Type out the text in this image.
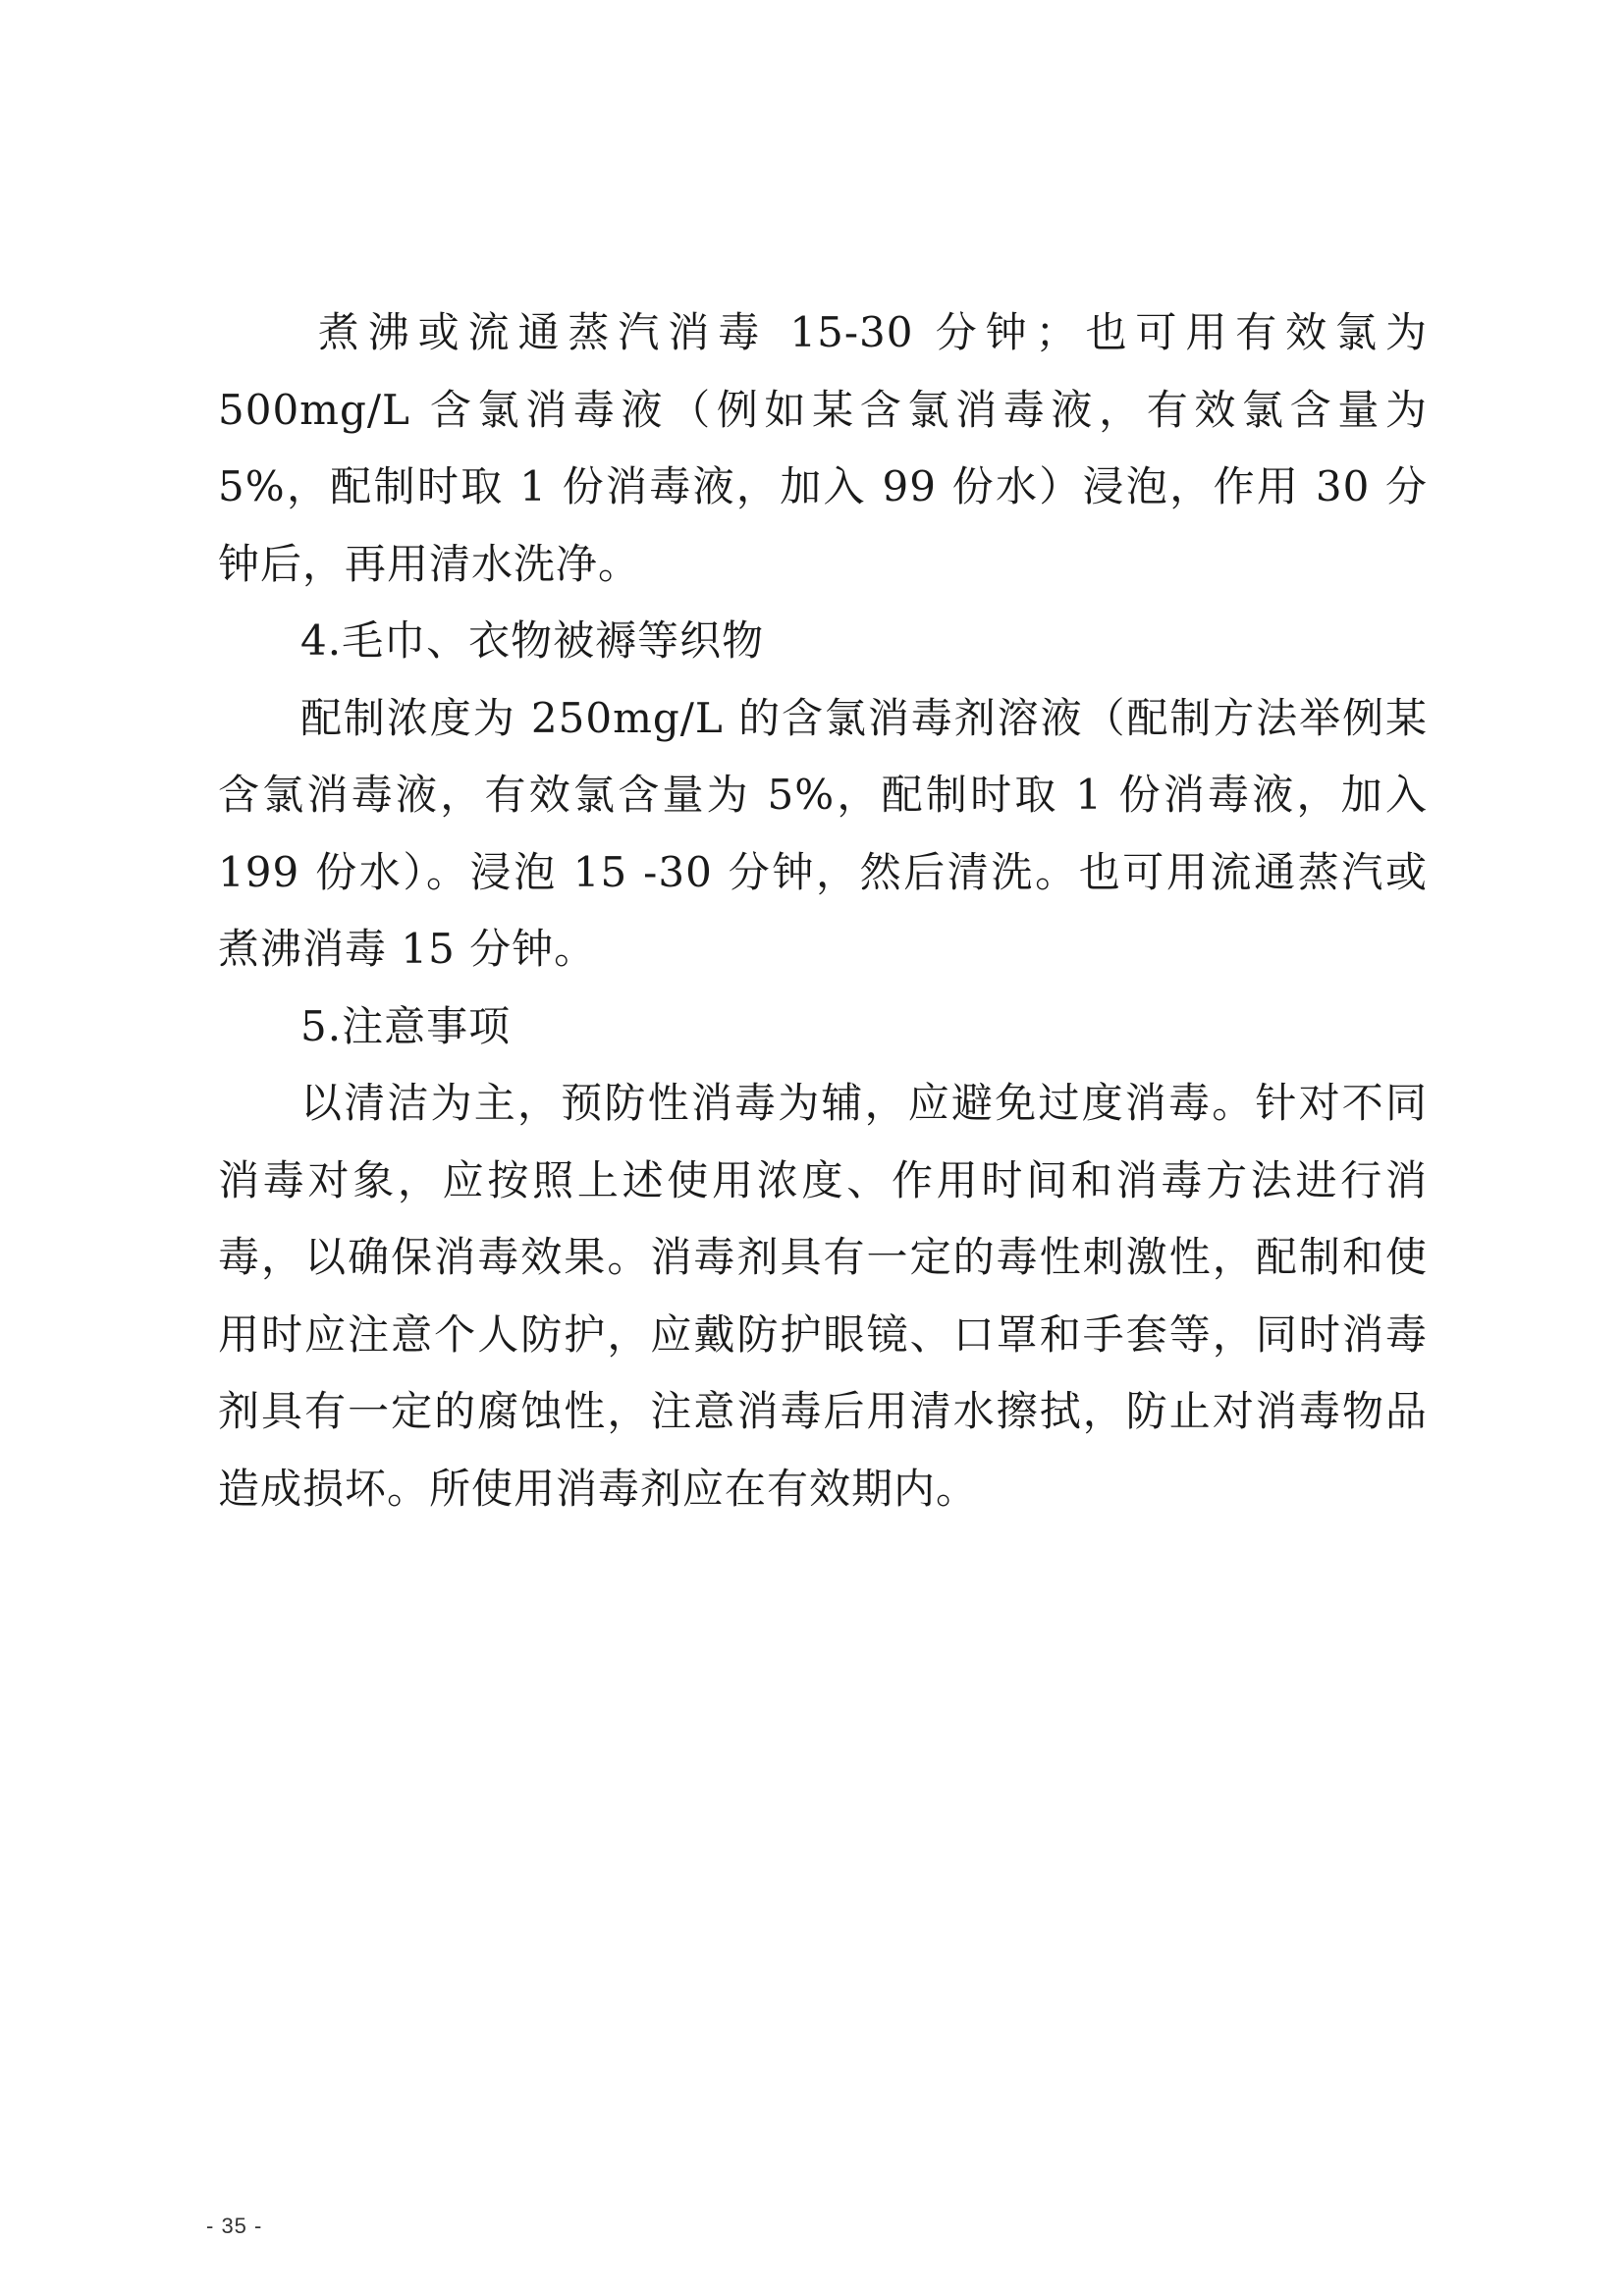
　　煮沸或流通蒸汽消毒 15-30 分钟；也可用有效氯为 500mg/L 含氯消毒液（例如某含氯消毒液，有效氯含量为 5%，配制时取 1 份消毒液，加入 99 份水）浸泡，作用 30 分钟后，再用清水洗净。

4.毛巾、衣物被褥等织物

配制浓度为 250mg/L 的含氯消毒剂溶液（配制方法举例某含氯消毒液，有效氯含量为 5%，配制时取 1 份消毒液，加入 199 份水）。浸泡 15 -30 分钟，然后清洗。也可用流通蒸汽或煮沸消毒 15 分钟。

5.注意事项

以清洁为主，预防性消毒为辅，应避免过度消毒。针对不同消毒对象，应按照上述使用浓度、作用时间和消毒方法进行消毒，以确保消毒效果。消毒剂具有一定的毒性刺激性，配制和使用时应注意个人防护，应戴防护眼镜、口罩和手套等，同时消毒剂具有一定的腐蚀性，注意消毒后用清水擦拭，防止对消毒物品造成损坏。所使用消毒剂应在有效期内。

- 35 -
